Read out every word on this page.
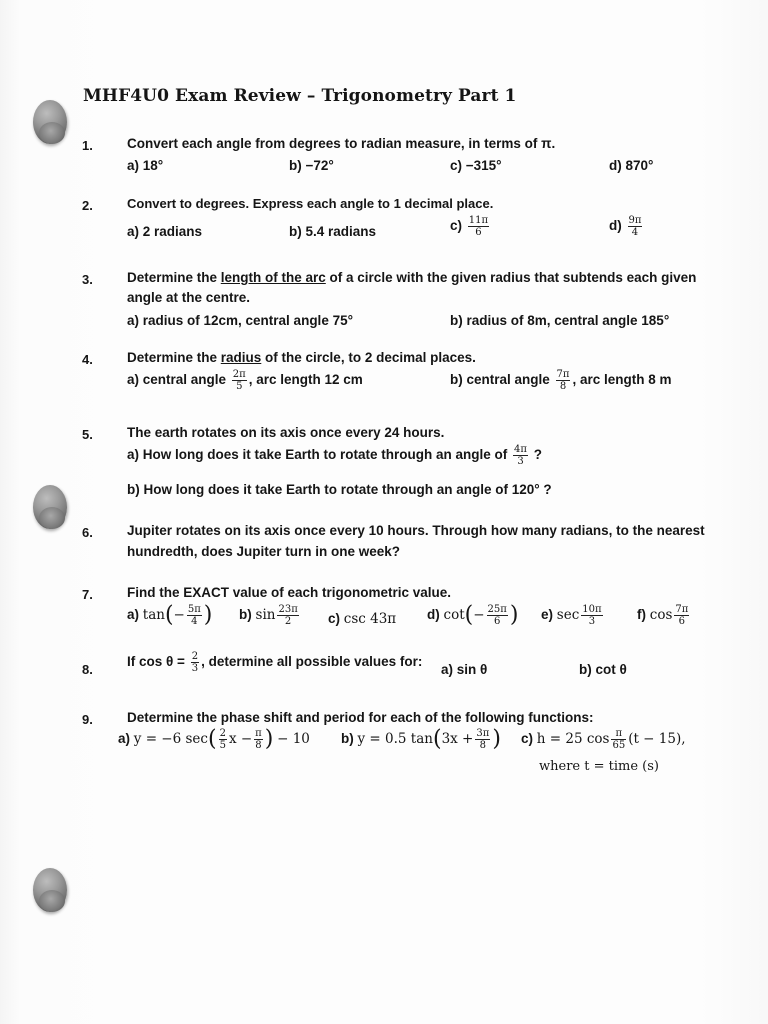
MHF4U0 Exam Review – Trigonometry Part 1
1.	Convert each angle from degrees to radian measure, in terms of π.
a) 18°	b) −72°	c) −315°	d) 870°
2.	Convert to degrees. Express each angle to 1 decimal place.
a) 2 radians	b) 5.4 radians	$c) \frac{11\pi}{6}$	$d) \frac{9\pi}{4}$
3.	Determine the length of the arc of a circle with the given radius that subtends each given
angle at the centre.
a) radius of 12cm, central angle 75°	b) radius of 8m, central angle 185°
4.	Determine the radius of the circle, to 2 decimal places.
a) central angle $\frac{2\pi}{5}$ , arc length 12 cm	b) central angle $\frac{7\pi}{8}$ , arc length 8 m
5.	The earth rotates on its axis once every 24 hours.
a) How long does it take Earth to rotate through an angle of $\frac{4\pi}{3}$ ?
b) How long does it take Earth to rotate through an angle of 120° ?
6.	Jupiter rotates on its axis once every 10 hours. Through how many radians, to the nearest
hundredth, does Jupiter turn in one week?
7.	Find the EXACT value of each trigonometric value.
a) $\tan(- \frac{5\pi}{4}$ ) b) $\sin \frac{23\pi}{2} c$) csc 43π d) $\cot(- \frac{25\pi}{6}$ ) e) $\sec \frac{10\pi}{3}$	f) $\cos \frac{7\pi}{6}$
8.
If $\cos \theta = \frac{2}{3}$ , determine all possible values for:
a) sin θ	b) cot θ
9.	Determine the phase shift and period for each of the following functions:
a) y = −6 $\sec( \frac{2}{5}$ $x - \frac{\pi}{8}$ ) − 10 b) y = 0.5 $\tan(3x + \frac{3\pi}{8}$ ) c) h = 25 $\cos \frac{\pi}{65} (t - 15)$,
where t = time (s)
